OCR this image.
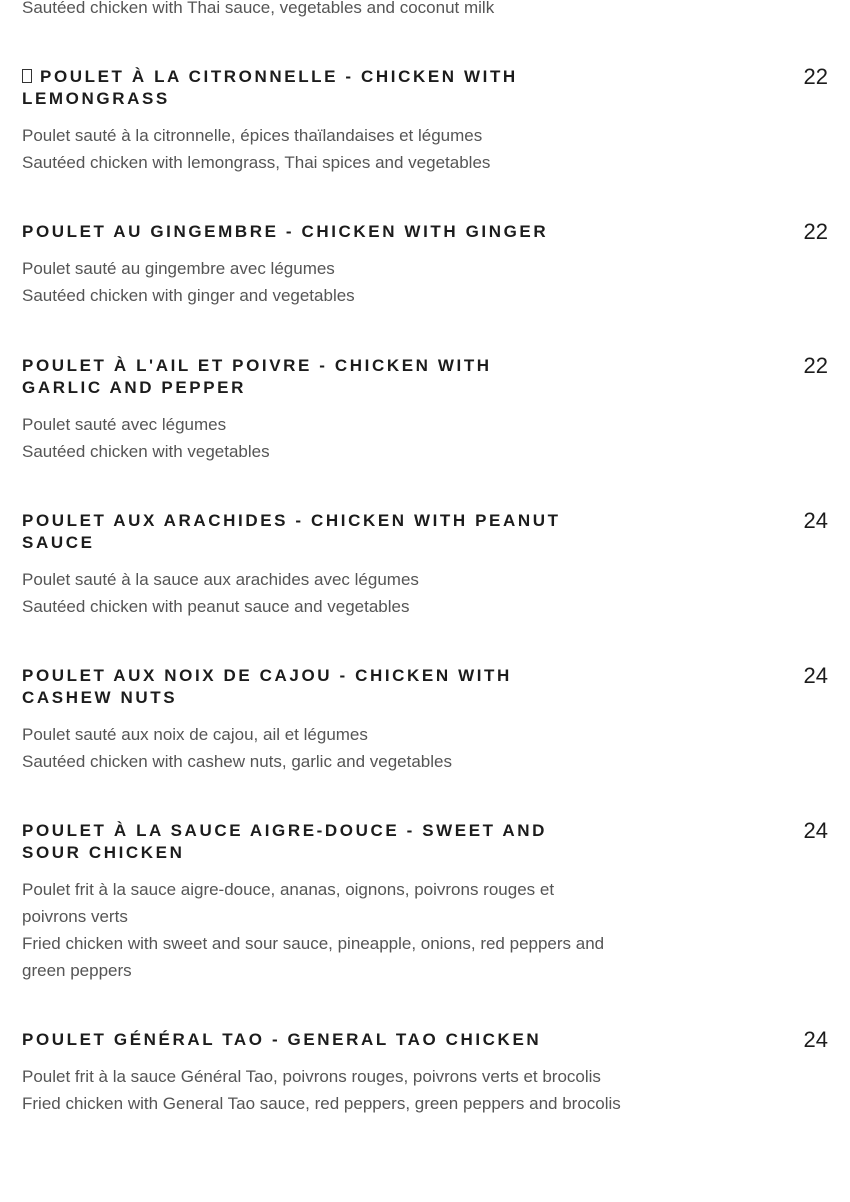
Sautéed chicken with Thai sauce, vegetables and coconut milk

POULET À LA CITRONNELLE - CHICKEN WITH LEMONGRASS
22

Poulet sauté à la citronnelle, épices thaïlandaises et légumes

Sautéed chicken with lemongrass, Thai spices and vegetables

POULET AU GINGEMBRE - CHICKEN WITH GINGER	22

Poulet sauté au gingembre avec légumes

Sautéed chicken with ginger and vegetables

POULET À L'AIL ET POIVRE - CHICKEN WITH GARLIC AND PEPPER
22

Poulet sauté avec légumes

Sautéed chicken with vegetables

POULET AUX ARACHIDES - CHICKEN WITH PEANUT SAUCE
24

Poulet sauté à la sauce aux arachides avec légumes

Sautéed chicken with peanut sauce and vegetables

POULET AUX NOIX DE CAJOU - CHICKEN WITH CASHEW NUTS
24

Poulet sauté aux noix de cajou, ail et légumes

Sautéed chicken with cashew nuts, garlic and vegetables

POULET À LA SAUCE AIGRE-DOUCE - SWEET AND SOUR CHICKEN
24

Poulet frit à la sauce aigre-douce, ananas, oignons, poivrons rouges et poivrons verts

Fried chicken with sweet and sour sauce, pineapple, onions, red peppers and green peppers

POULET GÉNÉRAL TAO - GENERAL TAO CHICKEN	24

Poulet frit à la sauce Général Tao, poivrons rouges, poivrons verts et brocolis

Fried chicken with General Tao sauce, red peppers, green peppers and brocolis
